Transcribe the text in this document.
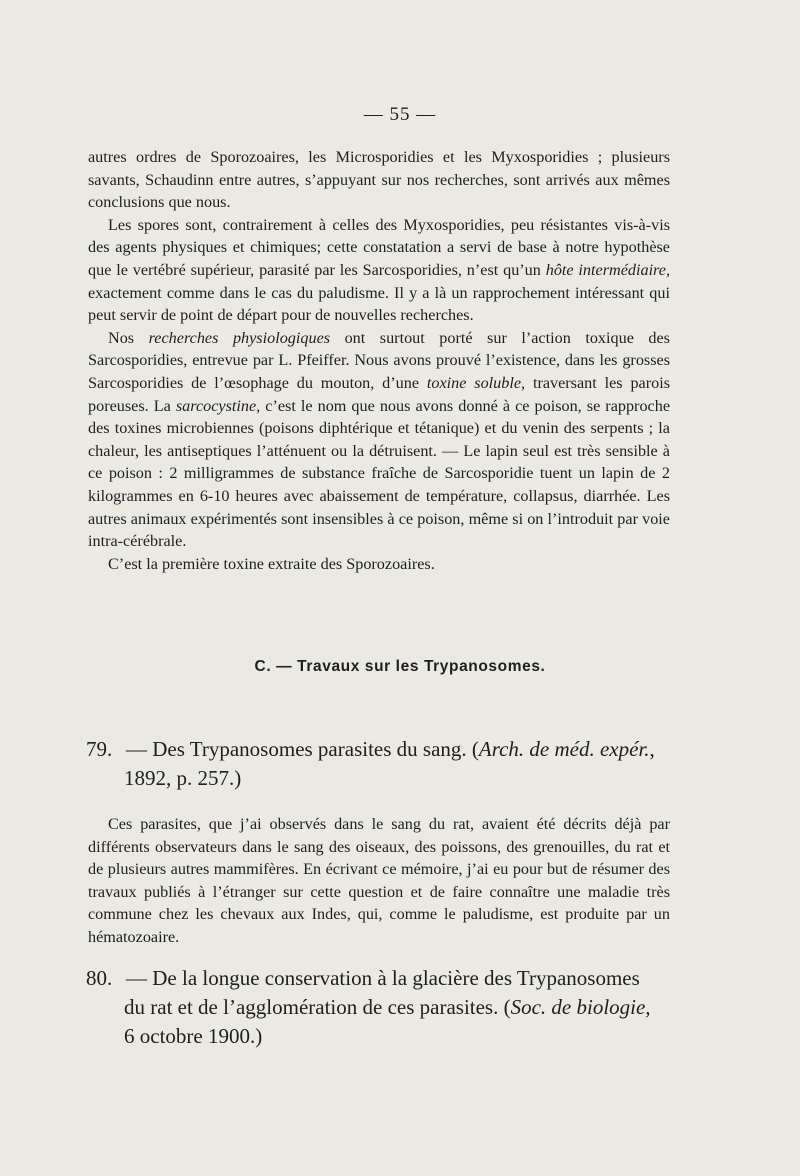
— 55 —

autres ordres de Sporozoaires, les Microsporidies et les Myxosporidies ; plusieurs savants, Schaudinn entre autres, s’appuyant sur nos recherches, sont arrivés aux mêmes conclusions que nous.

Les spores sont, contrairement à celles des Myxosporidies, peu résistantes vis-à-vis des agents physiques et chimiques; cette constatation a servi de base à notre hypothèse que le vertébré supérieur, parasité par les Sarcosporidies, n’est qu’un hôte intermédiaire, exactement comme dans le cas du paludisme. Il y a là un rapprochement intéressant qui peut servir de point de départ pour de nouvelles recherches.

Nos recherches physiologiques ont surtout porté sur l’action toxique des Sarcosporidies, entrevue par L. Pfeiffer. Nous avons prouvé l’existence, dans les grosses Sarcosporidies de l’œsophage du mouton, d’une toxine soluble, traversant les parois poreuses. La sarcocystine, c’est le nom que nous avons donné à ce poison, se rapproche des toxines microbiennes (poisons diphtérique et tétanique) et du venin des serpents ; la chaleur, les antiseptiques l’atténuent ou la détruisent. — Le lapin seul est très sensible à ce poison : 2 milligrammes de substance fraîche de Sarcosporidie tuent un lapin de 2 kilogrammes en 6-10 heures avec abaissement de température, collapsus, diarrhée. Les autres animaux expérimentés sont insensibles à ce poison, même si on l’introduit par voie intra-cérébrale.

C’est la première toxine extraite des Sporozoaires.

C. — Travaux sur les Trypanosomes.
79. — Des Trypanosomes parasites du sang. (Arch. de méd. expér.,
1892, p. 257.)

Ces parasites, que j’ai observés dans le sang du rat, avaient été décrits déjà par différents observateurs dans le sang des oiseaux, des poissons, des grenouilles, du rat et de plusieurs autres mammifères. En écrivant ce mémoire, j’ai eu pour but de résumer des travaux publiés à l’étranger sur cette question et de faire connaître une maladie très commune chez les chevaux aux Indes, qui, comme le paludisme, est produite par un hématozoaire.

80. — De la longue conservation à la glacière des Trypanosomes
du rat et de l’agglomération de ces parasites. (Soc. de biologie,
6 octobre 1900.)
